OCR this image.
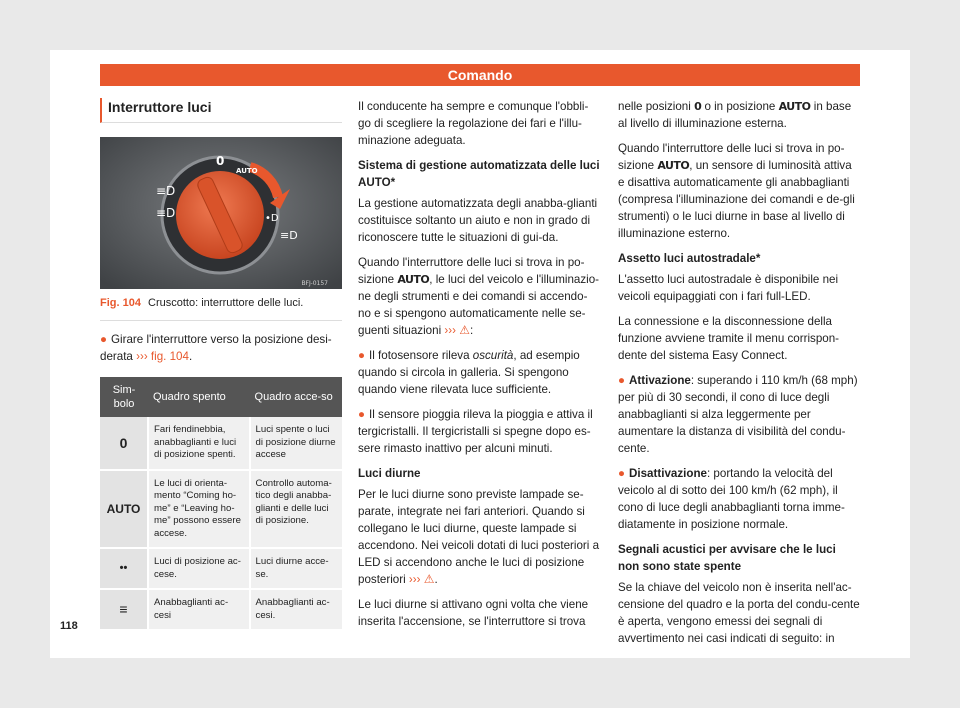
Comando
Interruttore luci
≡D
≡D	•D
≡D
BFJ-0157
0
AUTO
Fig. 104 Cruscotto: interruttore delle luci.

● Girare l'interruttore verso la posizione desi-derata ››› fig. 104.

Sim-bolo	Quadro spento	Quadro acce-so
0	Fari fendinebbia, anabbaglianti e luci di posizione spenti.	Luci spente o luci di posizione diurne accese
AUTO	Le luci di orienta-mento “Coming ho-me” e “Leaving ho-me” possono essere accese.	Controllo automa-tico degli anabba-glianti e delle luci di posizione.
••	Luci di posizione ac-cese.	Luci diurne acce-se.
≡	Anabbaglianti ac-cesi	Anabbaglianti ac-cesi.

Il conducente ha sempre e comunque l'obbli-go di scegliere la regolazione dei fari e l'illu-minazione adeguata.

Sistema di gestione automatizzata delle luci AUTO*

La gestione automatizzata degli anabba-glianti costituisce soltanto un aiuto e non in grado di riconoscere tutte le situazioni di gui-da.

Quando l'interruttore delle luci si trova in po-sizione AUTO, le luci del veicolo e l'illuminazio-ne degli strumenti e dei comandi si accendo-no e si spengono automaticamente nelle se-guenti situazioni ››› ⚠:

● Il fotosensore rileva oscurità, ad esempio quando si circola in galleria. Si spengono quando viene rilevata luce sufficiente.

● Il sensore pioggia rileva la pioggia e attiva il tergicristalli. Il tergicristalli si spegne dopo es-sere rimasto inattivo per alcuni minuti.

Luci diurne

Per le luci diurne sono previste lampade se-parate, integrate nei fari anteriori. Quando si collegano le luci diurne, queste lampade si accendono. Nei veicoli dotati di luci posteriori a LED si accendono anche le luci di posizione posteriori ››› ⚠.

Le luci diurne si attivano ogni volta che viene inserita l'accensione, se l'interruttore si trova

nelle posizioni 0 o in posizione AUTO in base al livello di illuminazione esterna.

Quando l'interruttore delle luci si trova in po-sizione AUTO, un sensore di luminosità attiva e disattiva automaticamente gli anabbaglianti (compresa l'illuminazione dei comandi e de-gli strumenti) o le luci diurne in base al livello di illuminazione esterno.

Assetto luci autostradale*

L'assetto luci autostradale è disponibile nei veicoli equipaggiati con i fari full-LED.

La connessione e la disconnessione della funzione avviene tramite il menu corrispon-dente del sistema Easy Connect.

● Attivazione: superando i 110 km/h (68 mph) per più di 30 secondi, il cono di luce degli anabbaglianti si alza leggermente per aumentare la distanza di visibilità del condu-cente.

● Disattivazione: portando la velocità del veicolo al di sotto dei 100 km/h (62 mph), il cono di luce degli anabbaglianti torna imme-diatamente in posizione normale.

Segnali acustici per avvisare che le luci non sono state spente

Se la chiave del veicolo non è inserita nell'ac-censione del quadro e la porta del condu-cente è aperta, vengono emessi dei segnali di avvertimento nei casi indicati di seguito: in

118
